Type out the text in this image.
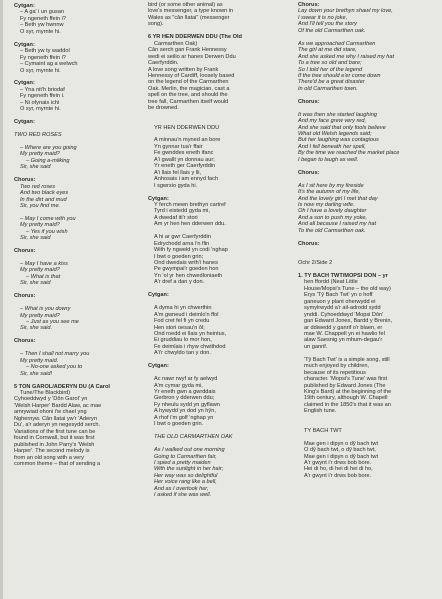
Cytgan:
– A ga' i un gusan
Fy ngeneth ffein i?
– Beth yw hwnnw
O syr, myrnte hi.
Cytgan:
– Beth yw ty waddol
Fy ngeneth ffein i?
– Cymaint ag a welwch
O syr, myrnte hi.
Cytgan:
– Yna nit'h briodaf
Fy ngeneth ffein i.
– Ni ofynais ichi
O syr, myrnte hi.
Cytgan:
TWO RED ROSES
– Where are you going
My pretty maid?
– Going a-milking
Sir, she said
Chorus:
Two red roses
And two black eyes
In the dirt and mud
Sir, you find me.
– May I come with you
My pretty maid?
– Yes if you wish
Sir, she said
Chorus:
– May I have a kiss
My pretty maid?
– What is that
Sir, she said
Chorus:
– What is you dowry
My pretty maid?
– Just as you see me
Sir, she said.
Chorus:
– Then I shall not marry you
My pretty maid.
– No-one asked you to
Sir, she said!
5 TÔN GAROL/ADERYN DU (A Carol
Tune/The Blackbird)
Cyhoeddwyd y 'Dôn Garol' yn
'Welsh Harper' Bardd Alaw, ac mae
amrywiad ohoni i'w chael yng
Nghernyw. Cân llatai yw'r 'Aderyn
Du', a'r aderyn yn negesydd serch.
Variations of the first tune can be
found in Cornwall, but it was first
published in John Parry's 'Welsh
Harper'. The second melody is
from an old song with a very
common theme – that of sending a
bird (or some other animal) as
love's messenger, a type known in
Wales as "cân llatai" (messenger
song).
6 YR HEN DDERWEN DDU (The Old
Carmarthen Oak)
Cân serch gan Frank Hennessy
wedi ei seilio ar hanes Derwen Ddu
Caerfyrddin.
A love song written by Frank
Hennessy of Cardiff, loosely based
on the legend of the Carmarthen
Oak. Merlin, the magician, cast a
spell on the tree, and should the
tree fall, Carmarthen itself would
be drowned.
YR HEN DDERWEN DDU
A minnau'n myned an bore
Yn gynnar tua'r ffair
Fe gwnddes eneth ifanc
A'i gwallt yn donnau aur;
Yr eneth ger Caerfyrddin
A'i llais fel llais y lli,
Anhosais i am ennyd fach
I sgwrsio gyda hi.
Cytgan:
Y ferch mewn brethyn cartref
Tyrd i eistedd gyda mi,
A dwedaf iti'r stori
Am yr hen hen dderwen ddu.
A hi ar gwr Caerfyrddin
Edrychodd arna i'n flin
With fy ngweld yn codi 'nghap
I bwt o goeden grin;
Ond dwedais wrth'i hanes
Pe gwympai'r goeden hon
Yn 'ol yr hen chwedloniaeth
A'r dref a dan y don.
Cytgan:
A dyma hi yn chwerthin
A'm gwneud i deimlo'n ffol
Fod cret fel fi yn credu
Hen stori oesau'n ôl;
Ond roedd ei llais yn heintus,
Ei gruddiau lo mor hon,
Fe deimlais i rhyw chwithdod
A'i'r chwyldo tan y don.
Cytgan:
Ac nawr rwyf ar fy aelwyd
A'm cymar gyda mi,
Yr eneth gwn a gwrddais
Gerbron y dderwen ddu;
Fy nheulu sydd yn gyflawn
A hywydd yn dod yn hŷn,
A rhof i'm golf 'nghap yn
I bwt o goeden grin.
THE OLD CARMARTHEN OAK
As I walked out one morning
Going to Carmarthen fair,
I spied a pretty maiden
With the sunlight in her hair;
Her way was so delightful
Her voice rang like a bell,
And as I overtook her,
I asked if she was well.
Chorus:
Lay down your brethyn shawl my love,
I swear it is no joke,
And I'll tell you the story
Of the old Carmarthen oak.
As we approached Carmarthen
The girl at me did stare,
And she asked me why I raised my hat
To a tree so old and bare;
So I told her of the legend
If the tree should e'er come down
There'd be a great disaster
In old Carmarthen town.
Chorus:
It was then she started laughing
And my face grew very red,
And she said that only fools believe
What old Welsh legends said;
But her laughing was contagious
And I fell beneath her spell,
By the time we reached the market place
I began to laugh as well.
Chorus:
As I sit here by my fireside
It's the autumn of my life,
And the lovely girl I met that day
Is now my darling wife.
Oh I have a lovely daughter
And a son to push my yoke,
And all because I raised my hat
To the old Carmarthen oak.
Chorus:
Ochr 2/Side 2
1. TŶ BACH TWT/MOPSI DÔN – yr
hen ffordd (Neat Little
House/Mopsi's Tune – the old way)
Erys 'Tŷ Bach Twt' yn o hoff
ganeuon y plant oherwydd ei
symylrwydd a'r ail-adrodd sydd
ynddi. Cyhoeddwyd 'Mopsi Dôn'
gan Edward Jones, Bardd y Brenin,
ar ddiwedd y ganrif o'r blaen, er
mae W. Chappell yn ei hawlio fel
alaw Saesnig yn mhum-degau'r
un ganrif.
'Tŷ Bach Twt' is a simple song, still
much enjoyed by children,
because of its repetitious
character. 'Mopsi's Tune' was first
published by Edward Jones (The
King's Bard) at the beginning of the
19th century, although W. Chapell
claimed in the 1850's that it was an
English tune.
TŶ BACH TWT
Mae gen i dipyn o dŷ bach twt
O dŷ bach twt, o dŷ bach twt,
Mae gen i dipyn o dŷ bach twt
A'r gwynt i'r drws bob bore.
Hei di ho, di hei di hei di ho,
A'r gwynt i'r drws bob bore.
